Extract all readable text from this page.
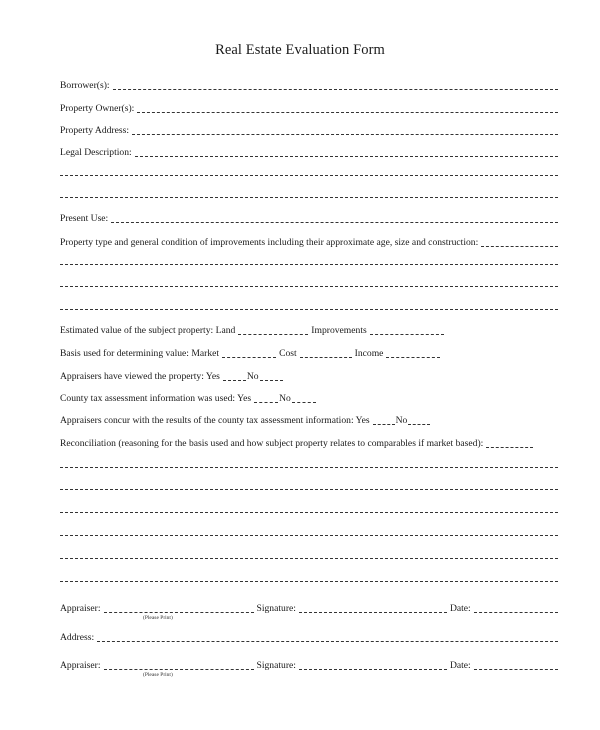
Real Estate Evaluation Form
Borrower(s):
Property Owner(s):
Property Address:
Legal Description:
Present Use:
Property type and general condition of improvements including their approximate age, size and construction:
Estimated value of the subject property: Land	Improvements
Basis used for determining value: Market	Cost	Income
Appraisers have viewed the property: Yes	No
County tax assessment information was used: Yes	No
Appraisers concur with the results of the county tax assessment information: Yes	No
Reconciliation (reasoning for the basis used and how subject property relates to comparables if market based):
Appraiser:	Signature:	Date:
(Please Print)
Address:
Appraiser:	Signature:	Date:
(Please Print)
